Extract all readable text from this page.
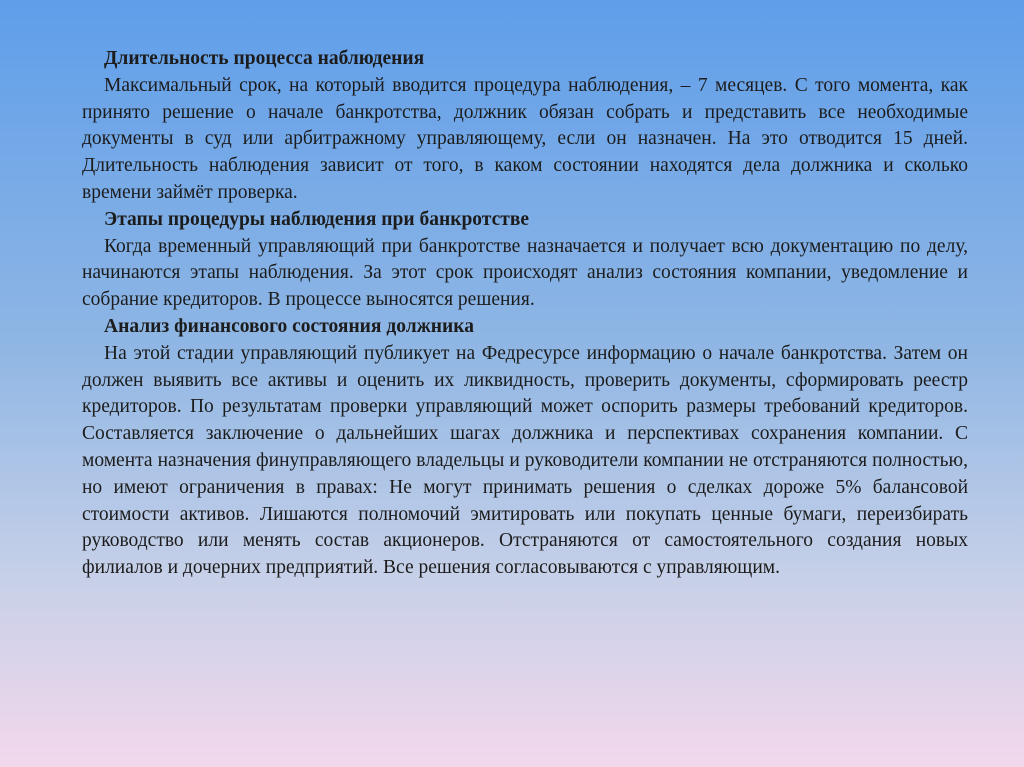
Длительность процесса наблюдения

Максимальный срок, на который вводится процедура наблюдения, – 7 месяцев. С того момента, как принято решение о начале банкротства, должник обязан собрать и представить все необходимые документы в суд или арбитражному управляющему, если он назначен. На это отводится 15 дней. Длительность наблюдения зависит от того, в каком состоянии находятся дела должника и сколько времени займёт проверка.

Этапы процедуры наблюдения при банкротстве

Когда временный управляющий при банкротстве назначается и получает всю документацию по делу, начинаются этапы наблюдения. За этот срок происходят анализ состояния компании, уведомление и собрание кредиторов. В процессе выносятся решения.

Анализ финансового состояния должника

На этой стадии управляющий публикует на Федресурсе информацию о начале банкротства. Затем он должен выявить все активы и оценить их ликвидность, проверить документы, сформировать реестр кредиторов. По результатам проверки управляющий может оспорить размеры требований кредиторов. Составляется заключение о дальнейших шагах должника и перспективах сохранения компании. С момента назначения финуправляющего владельцы и руководители компании не отстраняются полностью, но имеют ограничения в правах: Не могут принимать решения о сделках дороже 5% балансовой стоимости активов. Лишаются полномочий эмитировать или покупать ценные бумаги, переизбирать руководство или менять состав акционеров. Отстраняются от самостоятельного создания новых филиалов и дочерних предприятий. Все решения согласовываются с управляющим.
